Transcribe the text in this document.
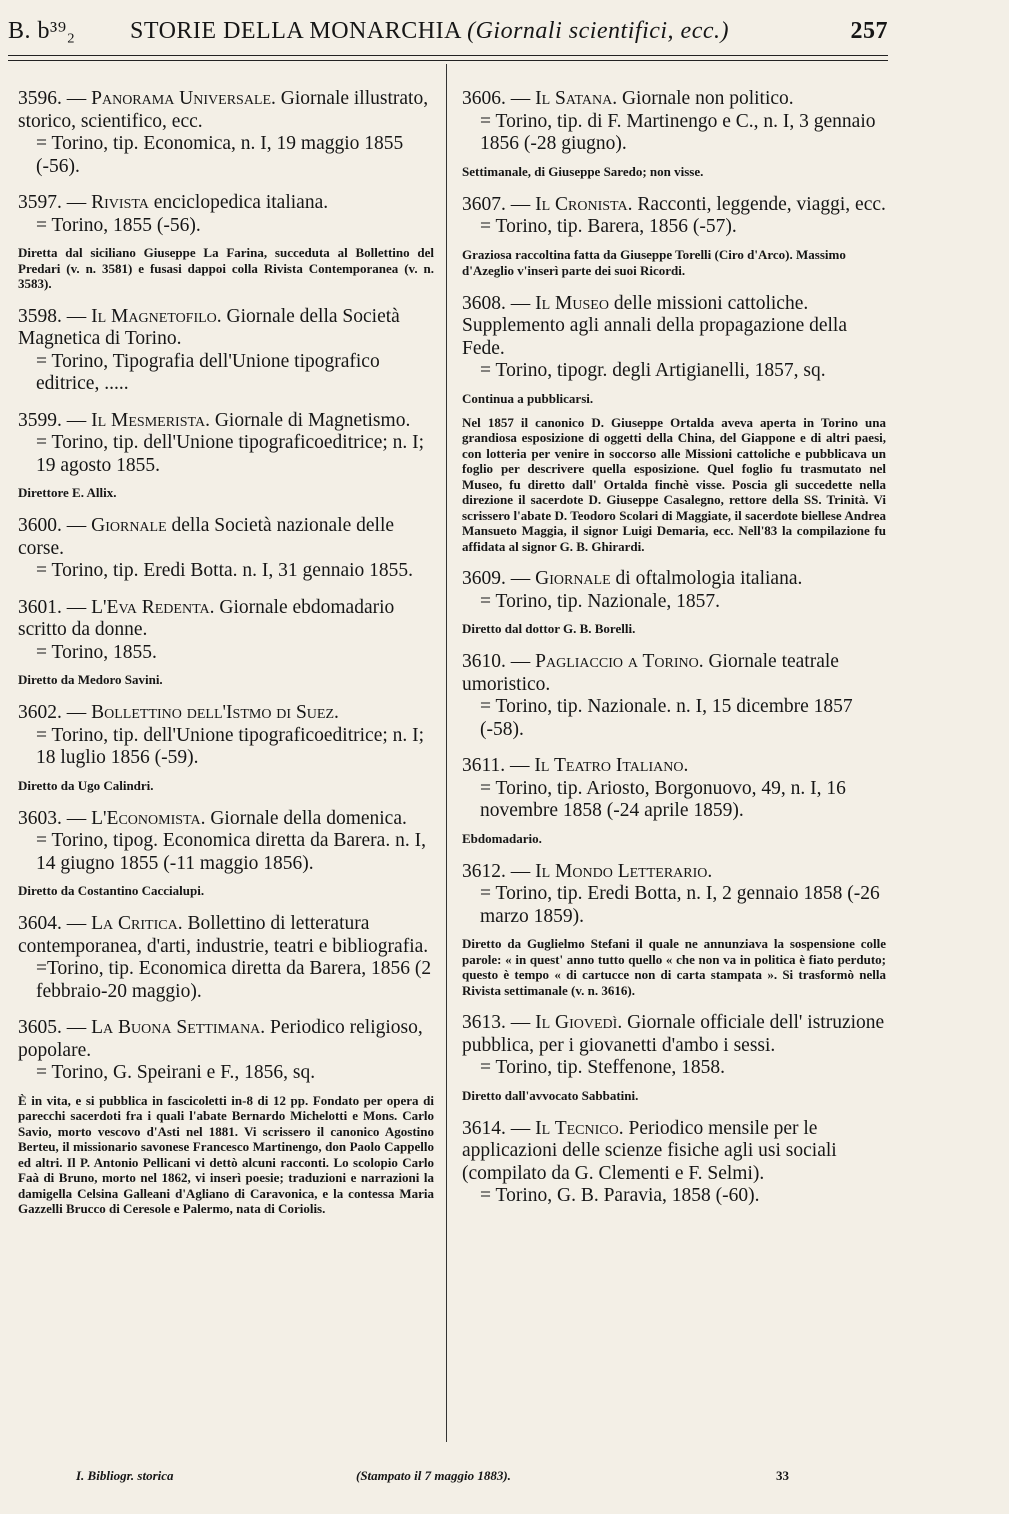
B. b³⁹₂	STORIE DELLA MONARCHIA (Giornali scientifici, ecc.)	257
3596. — Panorama Universale. Giornale illustrato, storico, scientifico, ecc.
= Torino, tip. Economica, n. I, 19 maggio 1855 (-56).
3597. — Rivista enciclopedica italiana.
= Torino, 1855 (-56).
Diretta dal siciliano Giuseppe La Farina, succeduta al Bollettino del Predari (v. n. 3581) e fusasi dappoi colla Rivista Contemporanea (v. n. 3583).
3598. — Il Magnetofilo. Giornale della Società Magnetica di Torino.
= Torino, Tipografia dell'Unione tipografico editrice, .....
3599. — Il Mesmerista. Giornale di Magnetismo.
= Torino, tip. dell'Unione tipograficoeditrice; n. I; 19 agosto 1855.
Direttore E. Allix.
3600. — Giornale della Società nazionale delle corse.
= Torino, tip. Eredi Botta. n. I, 31 gennaio 1855.
3601. — L'Eva Redenta. Giornale ebdomadario scritto da donne.
= Torino, 1855.
Diretto da Medoro Savini.
3602. — Bollettino dell'Istmo di Suez.
= Torino, tip. dell'Unione tipograficoeditrice; n. I; 18 luglio 1856 (-59).
Diretto da Ugo Calindri.
3603. — L'Economista. Giornale della domenica.
= Torino, tipog. Economica diretta da Barera. n. I, 14 giugno 1855 (-11 maggio 1856).
Diretto da Costantino Caccialupi.
3604. — La Critica. Bollettino di letteratura contemporanea, d'arti, industrie, teatri e bibliografia.
=Torino, tip. Economica diretta da Barera, 1856 (2 febbraio-20 maggio).
3605. — La Buona Settimana. Periodico religioso, popolare.
= Torino, G. Speirani e F., 1856, sq.
È in vita, e si pubblica in fascicoletti in-8 di 12 pp. Fondato per opera di parecchi sacerdoti fra i quali l'abate Bernardo Michelotti e Mons. Carlo Savio, morto vescovo d'Asti nel 1881. Vi scrissero il canonico Agostino Berteu, il missionario savonese Francesco Martinengo, don Paolo Cappello ed altri. Il P. Antonio Pellicani vi dettò alcuni racconti. Lo scolopio Carlo Faà di Bruno, morto nel 1862, vi inserì poesie; traduzioni e narrazioni la damigella Celsina Galleani d'Agliano di Caravonica, e la contessa Maria Gazzelli Brucco di Ceresole e Palermo, nata di Coriolis.
3606. — Il Satana. Giornale non politico.
= Torino, tip. di F. Martinengo e C., n. I, 3 gennaio 1856 (-28 giugno).
Settimanale, di Giuseppe Saredo; non visse.
3607. — Il Cronista. Racconti, leggende, viaggi, ecc.
= Torino, tip. Barera, 1856 (-57).
Graziosa raccoltina fatta da Giuseppe Torelli (Ciro d'Arco). Massimo d'Azeglio v'inserì parte dei suoi Ricordi.
3608. — Il Museo delle missioni cattoliche. Supplemento agli annali della propagazione della Fede.
= Torino, tipogr. degli Artigianelli, 1857, sq.
Continua a pubblicarsi.
Nel 1857 il canonico D. Giuseppe Ortalda aveva aperta in Torino una grandiosa esposizione di oggetti della China, del Giappone e di altri paesi, con lotteria per venire in soccorso alle Missioni cattoliche e pubblicava un foglio per descrivere quella esposizione. Quel foglio fu trasmutato nel Museo, fu diretto dall' Ortalda finchè visse. Poscia gli succedette nella direzione il sacerdote D. Giuseppe Casalegno, rettore della SS. Trinità. Vi scrissero l'abate D. Teodoro Scolari di Maggiate, il sacerdote biellese Andrea Mansueto Maggia, il signor Luigi Demaria, ecc. Nell'83 la compilazione fu affidata al signor G. B. Ghirardi.
3609. — Giornale di oftalmologia italiana.
= Torino, tip. Nazionale, 1857.
Diretto dal dottor G. B. Borelli.
3610. — Pagliaccio a Torino. Giornale teatrale umoristico.
= Torino, tip. Nazionale. n. I, 15 dicembre 1857 (-58).
3611. — Il Teatro Italiano.
= Torino, tip. Ariosto, Borgonuovo, 49, n. I, 16 novembre 1858 (-24 aprile 1859).
Ebdomadario.
3612. — Il Mondo Letterario.
= Torino, tip. Eredi Botta, n. I, 2 gennaio 1858 (-26 marzo 1859).
Diretto da Guglielmo Stefani il quale ne annunziava la sospensione colle parole: « in quest' anno tutto quello « che non va in politica è fiato perduto; questo è tempo « di cartucce non di carta stampata ». Si trasformò nella Rivista settimanale (v. n. 3616).
3613. — Il Giovedì. Giornale officiale dell' istruzione pubblica, per i giovanetti d'ambo i sessi.
= Torino, tip. Steffenone, 1858.
Diretto dall'avvocato Sabbatini.
3614. — Il Tecnico. Periodico mensile per le applicazioni delle scienze fisiche agli usi sociali (compilato da G. Clementi e F. Selmi).
= Torino, G. B. Paravia, 1858 (-60).
I. Bibliogr. storica	(Stampato il 7 maggio 1883).	33
